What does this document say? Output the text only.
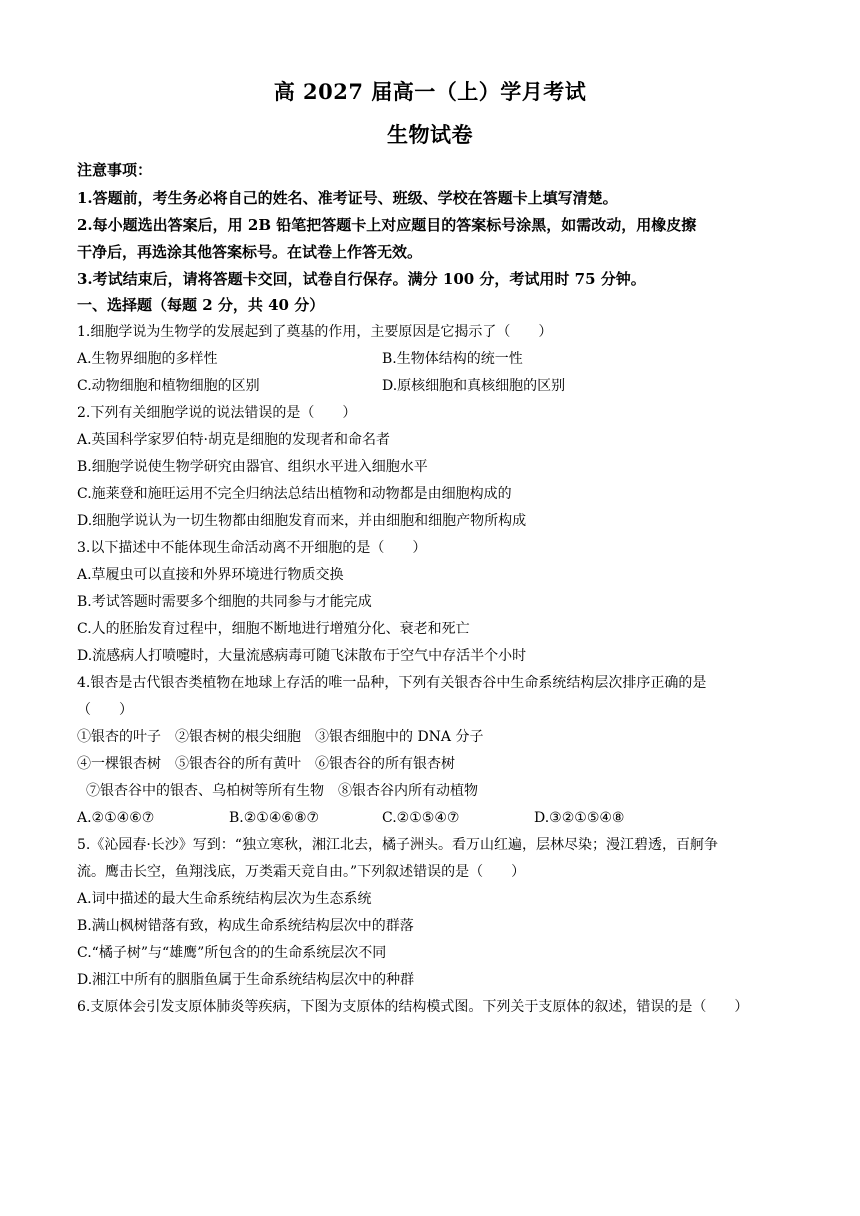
高 2027 届高一（上）学月考试
生物试卷
注意事项：
1.答题前，考生务必将自己的姓名、准考证号、班级、学校在答题卡上填写清楚。
2.每小题选出答案后，用 2B 铅笔把答题卡上对应题目的答案标号涂黑，如需改动，用橡皮擦
干净后，再选涂其他答案标号。在试卷上作答无效。
3.考试结束后，请将答题卡交回，试卷自行保存。满分 100 分，考试用时 75 分钟。
一、选择题（每题 2 分，共 40 分）
1.细胞学说为生物学的发展起到了奠基的作用，主要原因是它揭示了（　　）
A.生物界细胞的多样性	B.生物体结构的统一性
C.动物细胞和植物细胞的区别	D.原核细胞和真核细胞的区别
2.下列有关细胞学说的说法错误的是（　　）
A.英国科学家罗伯特·胡克是细胞的发现者和命名者
B.细胞学说使生物学研究由器官、组织水平进入细胞水平
C.施莱登和施旺运用不完全归纳法总结出植物和动物都是由细胞构成的
D.细胞学说认为一切生物都由细胞发育而来，并由细胞和细胞产物所构成
3.以下描述中不能体现生命活动离不开细胞的是（　　）
A.草履虫可以直接和外界环境进行物质交换
B.考试答题时需要多个细胞的共同参与才能完成
C.人的胚胎发育过程中，细胞不断地进行增殖分化、衰老和死亡
D.流感病人打喷嚏时，大量流感病毒可随飞沫散布于空气中存活半个小时
4.银杏是古代银杏类植物在地球上存活的唯一品种，下列有关银杏谷中生命系统结构层次排序正确的是
（　　）
①银杏的叶子　②银杏树的根尖细胞　③银杏细胞中的 DNA 分子
④一棵银杏树　⑤银杏谷的所有黄叶　⑥银杏谷的所有银杏树
⑦银杏谷中的银杏、乌柏树等所有生物　⑧银杏谷内所有动植物
A.②①④⑥⑦	B.②①④⑥⑧⑦	C.②①⑤④⑦	D.③②①⑤④⑧
5.《沁园春·长沙》写到：“独立寒秋，湘江北去，橘子洲头。看万山红遍，层林尽染；漫江碧透，百舸争
流。鹰击长空，鱼翔浅底，万类霜天竞自由。”下列叙述错误的是（　　）
A.词中描述的最大生命系统结构层次为生态系统
B.满山枫树错落有致，构成生命系统结构层次中的群落
C.“橘子树”与“雄鹰”所包含的的生命系统层次不同
D.湘江中所有的胭脂鱼属于生命系统结构层次中的种群
6.支原体会引发支原体肺炎等疾病，下图为支原体的结构模式图。下列关于支原体的叙述，错误的是（　　）
